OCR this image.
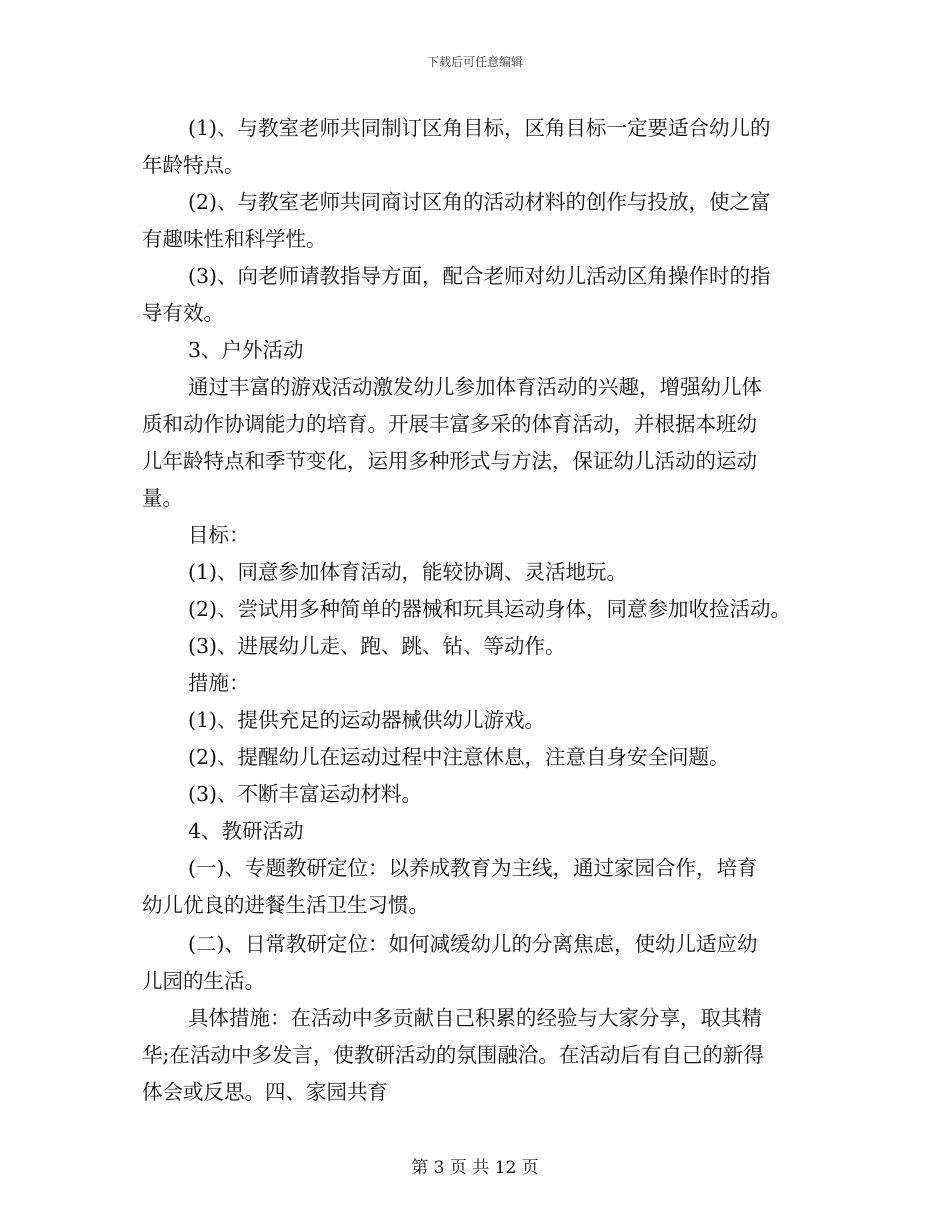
下载后可任意编辑
(1)、与教室老师共同制订区角目标，区角目标一定要适合幼儿的
年龄特点。
(2)、与教室老师共同商讨区角的活动材料的创作与投放，使之富
有趣味性和科学性。
(3)、向老师请教指导方面，配合老师对幼儿活动区角操作时的指
导有效。
3、户外活动
通过丰富的游戏活动激发幼儿参加体育活动的兴趣，增强幼儿体
质和动作协调能力的培育。开展丰富多采的体育活动，并根据本班幼
儿年龄特点和季节变化，运用多种形式与方法，保证幼儿活动的运动
量。
目标：
(1)、同意参加体育活动，能较协调、灵活地玩。
(2)、尝试用多种简单的器械和玩具运动身体，同意参加收捡活动。
(3)、进展幼儿走、跑、跳、钻、等动作。
措施：
(1)、提供充足的运动器械供幼儿游戏。
(2)、提醒幼儿在运动过程中注意休息，注意自身安全问题。
(3)、不断丰富运动材料。
4、教研活动
(一)、专题教研定位：以养成教育为主线，通过家园合作，培育
幼儿优良的进餐生活卫生习惯。
(二)、日常教研定位：如何减缓幼儿的分离焦虑，使幼儿适应幼
儿园的生活。
具体措施：在活动中多贡献自己积累的经验与大家分享，取其精
华;在活动中多发言，使教研活动的氛围融洽。在活动后有自己的新得
体会或反思。四、家园共育
第 3 页 共 12 页
